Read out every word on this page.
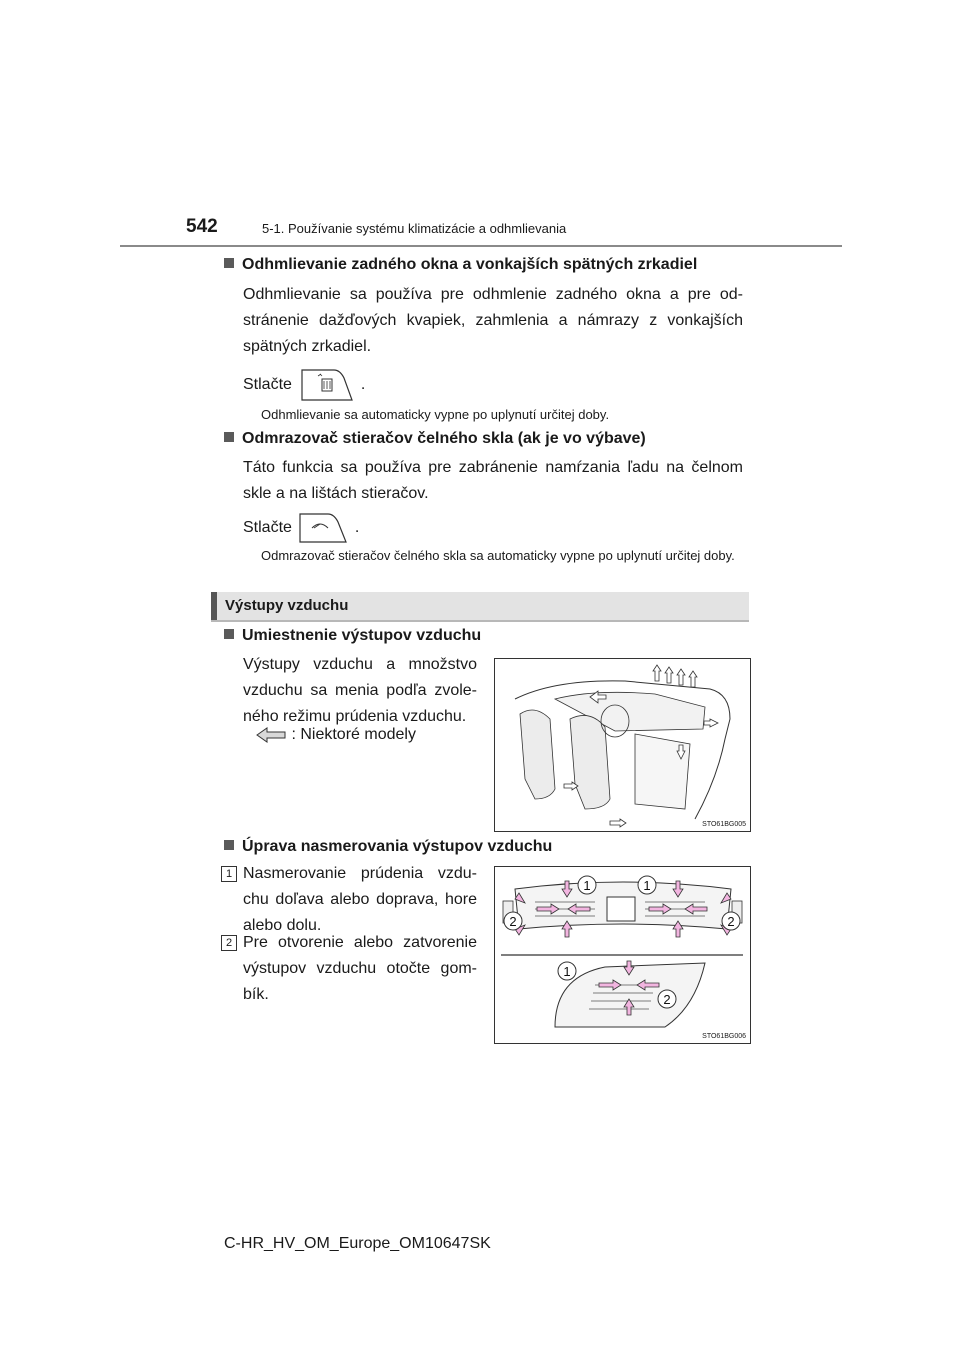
542	5-1. Používanie systému klimatizácie a odhmlievania
Odhmlievanie zadného okna a vonkajších spätných zrkadiel
Odhmlievanie sa používa pre odhmlenie zadného okna a pre od-stránenie dažďových kvapiek, zahmlenia a námrazy z vonkajších spätných zrkadiel.
Stlačte	.
Odhmlievanie sa automaticky vypne po uplynutí určitej doby.
Odmrazovač stieračov čelného skla (ak je vo výbave)
Táto funkcia sa používa pre zabránenie namŕzania ľadu na čelnom skle a na lištách stieračov.
Stlačte	.
Odmrazovač stieračov čelného skla sa automaticky vypne po uplynutí určitej doby.
Výstupy vzduchu
Umiestnenie výstupov vzduchu
Výstupy vzduchu a množstvo vzduchu sa menia podľa zvole-ného režimu prúdenia vzduchu.
: Niektoré modely
STO61BG005
Úprava nasmerovania výstupov vzduchu
1 Nasmerovanie prúdenia vzdu-chu doľava alebo doprava, hore alebo dolu.
2 Pre otvorenie alebo zatvorenie výstupov vzduchu otočte gom-bík.
1	1
2	2
1
2
STO61BG006
C-HR_HV_OM_Europe_OM10647SK
